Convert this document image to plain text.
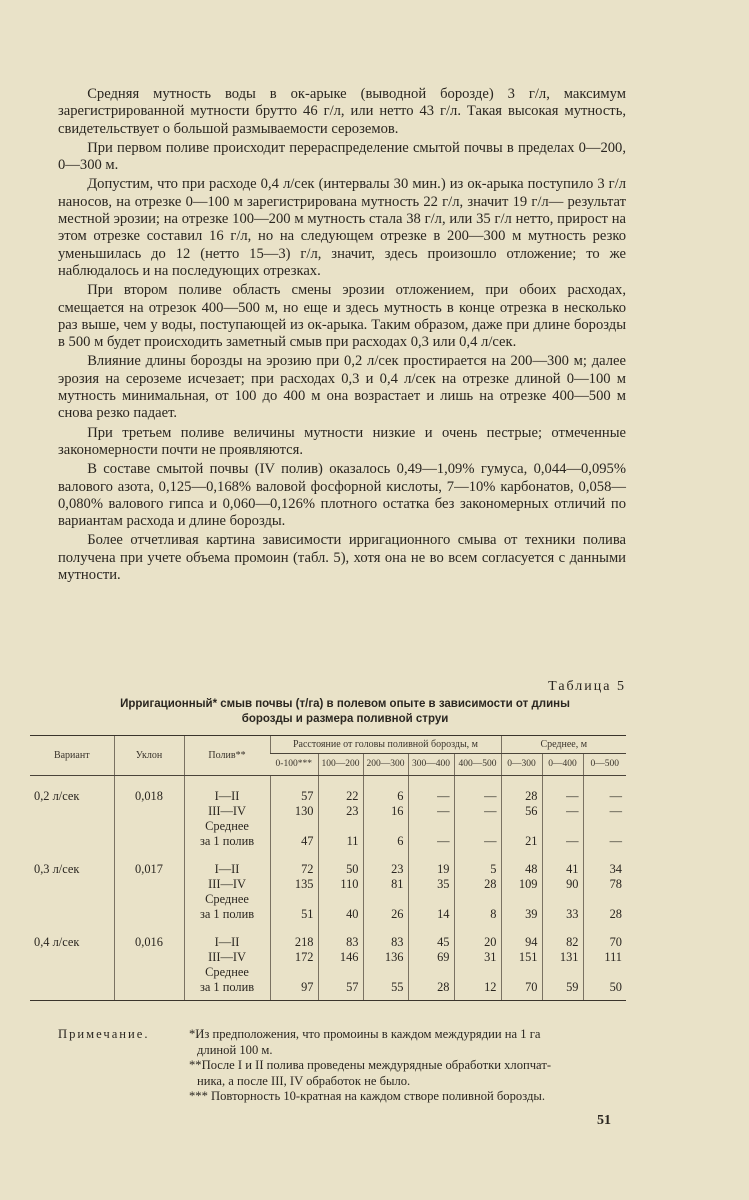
Средняя мутность воды в ок-арыке (выводной борозде) 3 г/л, максимум зарегистрированной мутности брутто 46 г/л, или нетто 43 г/л. Такая высокая мутность, свидетельствует о большой размываемости сероземов.

При первом поливе происходит перераспределение смытой почвы в пределах 0—200, 0—300 м.

Допустим, что при расходе 0,4 л/сек (интервалы 30 мин.) из ок-арыка поступило 3 г/л наносов, на отрезке 0—100 м зарегистрирована мутность 22 г/л, значит 19 г/л— результат местной эрозии; на отрезке 100—200 м мутность стала 38 г/л, или 35 г/л нетто, прирост на этом отрезке составил 16 г/л, но на следующем отрезке в 200—300 м мутность резко уменьшилась до 12 (нетто 15—3) г/л, значит, здесь произошло отложение; то же наблюдалось и на последующих отрезках.

При втором поливе область смены эрозии отложением, при обоих расходах, смещается на отрезок 400—500 м, но еще и здесь мутность в конце отрезка в несколько раз выше, чем у воды, поступающей из ок-арыка. Таким образом, даже при длине борозды в 500 м будет происходить заметный смыв при расходах 0,3 или 0,4 л/сек.

Влияние длины борозды на эрозию при 0,2 л/сек простирается на 200—300 м; далее эрозия на сероземе исчезает; при расходах 0,3 и 0,4 л/сек на отрезке длиной 0—100 м мутность минимальная, от 100 до 400 м она возрастает и лишь на отрезке 400—500 м снова резко падает.

При третьем поливе величины мутности низкие и очень пестрые; отмеченные закономерности почти не проявляются.

В составе смытой почвы (IV полив) оказалось 0,49—1,09% гумуса, 0,044—0,095% валового азота, 0,125—0,168% валовой фосфорной кислоты, 7—10% карбонатов, 0,058—0,080% валового гипса и 0,060—0,126% плотного остатка без закономерных отличий по вариантам расхода и длине борозды.

Более отчетливая картина зависимости ирригационного смыва от техники полива получена при учете объема промоин (табл. 5), хотя она не во всем согласуется с данными мутности.

Таблица 5
Ирригационный* смыв почвы (т/га) в полевом опыте в зависимости от длины
борозды и размера поливной струи
Вариант	Уклон	Полив**	Расстояние от головы поливной борозды, м					Среднее, м		
			0-100***	100—200	200—300	300—400	400—500	0—300	0—400	0—500
0,2 л/сек	0,018	I—II	57	22	6	—	—	28	—	—
		III—IV	130	23	16	—	—	56	—	—
		Среднее								
		за 1 полив	47	11	6	—	—	21	—	—
0,3 л/сек	0,017	I—II	72	50	23	19	5	48	41	34
		III—IV	135	110	81	35	28	109	90	78
		Среднее								
		за 1 полив	51	40	26	14	8	39	33	28
0,4 л/сек	0,016	I—II	218	83	83	45	20	94	82	70
		III—IV	172	146	136	69	31	151	131	111
		Среднее								
		за 1 полив	97	57	55	28	12	70	59	50
Примечание.	*Из предположения, что промоины в каждом междурядии на 1 га
длиной 100 м.
**После I и II полива проведены междурядные обработки хлопчат-
ника, а после III, IV обработок не было.
*** Повторность 10-кратная на каждом створе поливной борозды.
51
